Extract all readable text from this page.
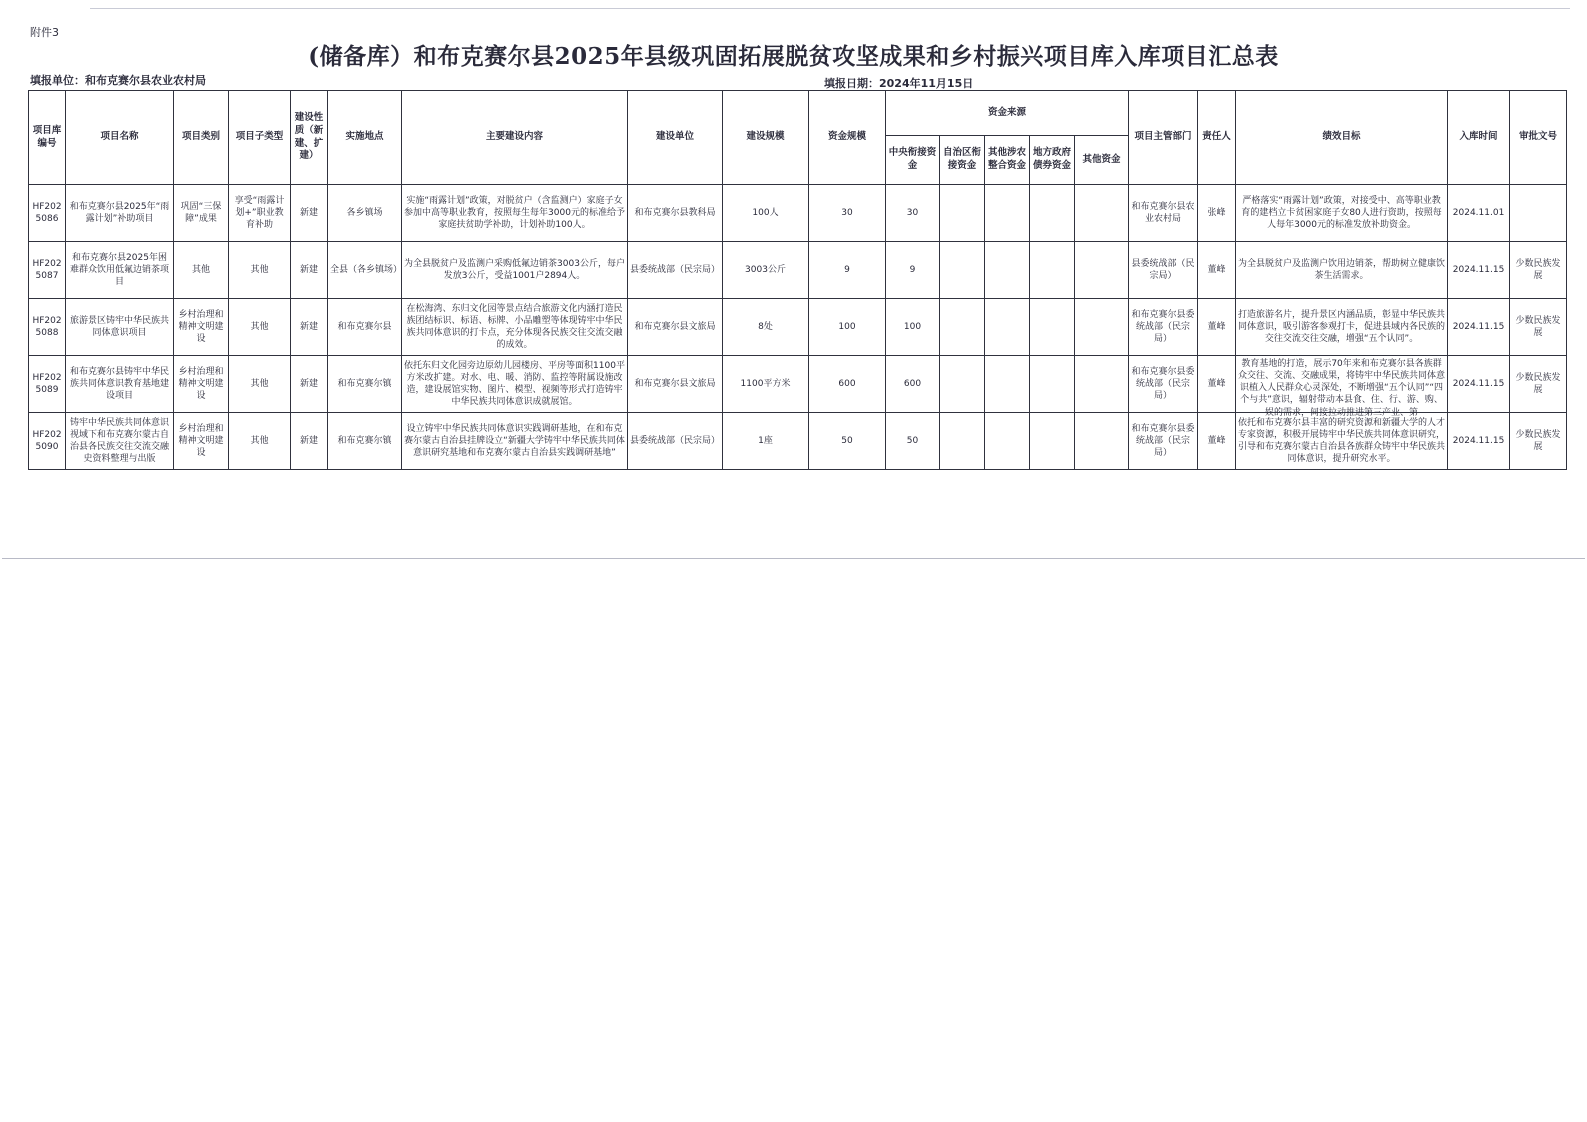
附件3
(储备库）和布克赛尔县2025年县级巩固拓展脱贫攻坚成果和乡村振兴项目库入库项目汇总表
填报单位：和布克赛尔县农业农村局	填报日期：2024年11月15日
项目库编号	项目名称	项目类别	项目子类型	建设性质（新建、扩建）	实施地点	主要建设内容	建设单位	建设规模	资金规模	资金来源					项目主管部门	责任人	绩效目标	入库时间	审批文号
										中央衔接资金	自治区衔接资金	其他涉农整合资金	地方政府债券资金	其他资金					

HF2025086	和布克赛尔县2025年“雨露计划”补助项目	巩固“三保障”成果	享受“雨露计划+”职业教育补助	新建	各乡镇场	实施“雨露计划”政策，对脱贫户（含监测户）家庭子女参加中高等职业教育，按照每生每年3000元的标准给予家庭扶贫助学补助，计划补助100人。	和布克赛尔县教科局	100人	30	30					和布克赛尔县农业农村局	张峰	严格落实“雨露计划”政策，对接受中、高等职业教育的建档立卡贫困家庭子女80人进行资助，按照每人每年3000元的标准发放补助资金。	2024.11.01	
HF2025087	和布克赛尔县2025年困难群众饮用低氟边销茶项目	其他	其他	新建	全县（各乡镇场）	为全县脱贫户及监测户采购低氟边销茶3003公斤，每户发放3公斤，受益1001户2894人。	县委统战部（民宗局）	3003公斤	9	9					县委统战部（民宗局）	董峰	为全县脱贫户及监测户饮用边销茶，帮助树立健康饮茶生活需求。	2024.11.15	少数民族发展
HF2025088	旅游景区铸牢中华民族共同体意识项目	乡村治理和精神文明建设	其他	新建	和布克赛尔县	在松海湾、东归文化园等景点结合旅游文化内涵打造民族团结标识、标语、标牌、小品雕塑等体现铸牢中华民族共同体意识的打卡点，充分体现各民族交往交流交融的成效。	和布克赛尔县文旅局	8处	100	100					和布克赛尔县委统战部（民宗局）	董峰	打造旅游名片，提升景区内涵品质，彰显中华民族共同体意识，吸引游客参观打卡，促进县域内各民族的交往交流交往交融，增强“五个认同”。	2024.11.15	少数民族发展
HF2025089	和布克赛尔县铸牢中华民族共同体意识教育基地建设项目	乡村治理和精神文明建设	其他	新建	和布克赛尔镇	依托东归文化园旁边原幼儿园楼房、平房等面积1100平方米改扩建。对水、电、暖、消防、监控等附属设施改造，建设展馆实物、图片、模型、视频等形式打造铸牢中华民族共同体意识成就展馆。	和布克赛尔县文旅局	1100平方米	600	600					和布克赛尔县委统战部（民宗局）	董峰	教育基地的打造，展示70年来和布克赛尔县各族群众交往、交流、交融成果，将铸牢中华民族共同体意识植入人民群众心灵深处，不断增强“五个认同”“四个与共”意识，辐射带动本县食、住、行、游、购、娱的需求，间接拉动推进第三产业、第	2024.11.15	少数民族发展
HF2025090	铸牢中华民族共同体意识视域下和布克赛尔蒙古自治县各民族交往交流交融史资料整理与出版	乡村治理和精神文明建设	其他	新建	和布克赛尔镇	设立铸牢中华民族共同体意识实践调研基地，在和布克赛尔蒙古自治县挂牌设立“新疆大学铸牢中华民族共同体意识研究基地和布克赛尔蒙古自治县实践调研基地”	县委统战部（民宗局）	1座	50	50					和布克赛尔县委统战部（民宗局）	董峰	依托和布克赛尔县丰富的研究资源和新疆大学的人才专家资源，积极开展铸牢中华民族共同体意识研究，引导和布克赛尔蒙古自治县各族群众铸牢中华民族共同体意识，提升研究水平。	2024.11.15	少数民族发展
